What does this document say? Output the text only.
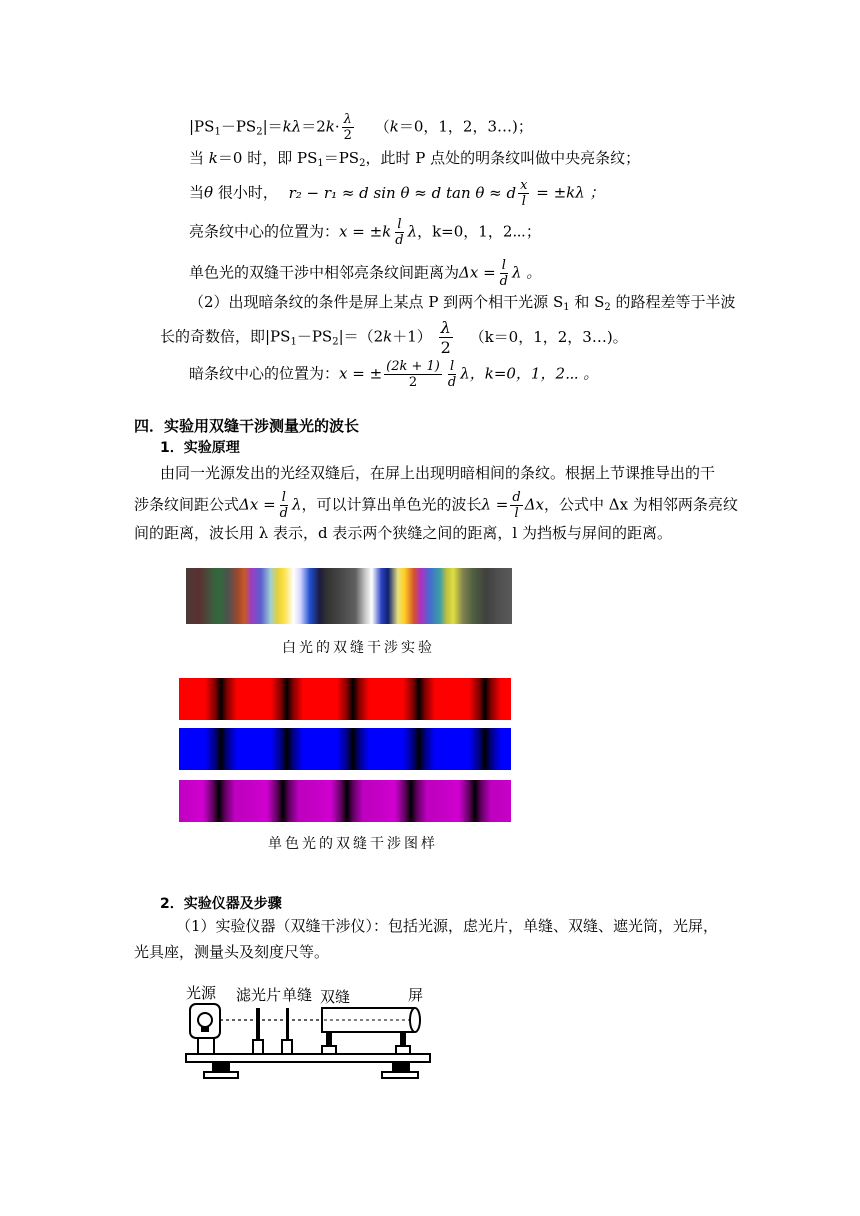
$|PS_1-PS_2|=k\lambda=2k\cdot \frac{\lambda}{2} (k=0$，1，2，3…)；
当 k＝0 时，即 $PS_1=PS_2$，此时 P 点处的明条纹叫做中央亮条纹；
当θ 很小时， r₂ − r₁ ≈ d sin θ ≈ d tan θ ≈ d $\frac{x}{l} = \pm k\lambda$ ；
亮条纹中心的位置为：$x = \pm k \frac{l}{d}$ λ，k=0，1，2⋯；
单色光的双缝干涉中相邻亮条纹间距离为$\Delta x = \frac{l}{d}$ λ 。
（2）出现暗条纹的条件是屏上某点 P 到两个相干光源 $S_1$ 和 $S_2$ 的路程差等于半波
长的奇数倍，即$|PS_1-PS_2|=(2k+1) \frac{\lambda}{2} (k=0$，1，2，3…)。
暗条纹中心的位置为：x = ± $\frac{(2k + 1)}{2} \frac{l}{d}$ λ，k=0，1，2⋯ 。
四．实验用双缝干涉测量光的波长
1．实验原理
由同一光源发出的光经双缝后，在屏上出现明暗相间的条纹。根据上节课推导出的干
涉条纹间距公式$\Delta x = \frac{l}{d}$ λ，可以计算出单色光的波长$\lambda = \frac{d}{l}$ Δx，公式中 Δx 为相邻两条亮纹
间的距离，波长用 λ 表示，d 表示两个狭缝之间的距离，l 为挡板与屏间的距离。
白光的双缝干涉实验
单色光的双缝干涉图样
2．实验仪器及步骤
（1）实验仪器（双缝干涉仪）：包括光源，虑光片，单缝、双缝、遮光筒，光屏，
光具座，测量头及刻度尺等。
光源 滤光片 单缝 双缝	屏
